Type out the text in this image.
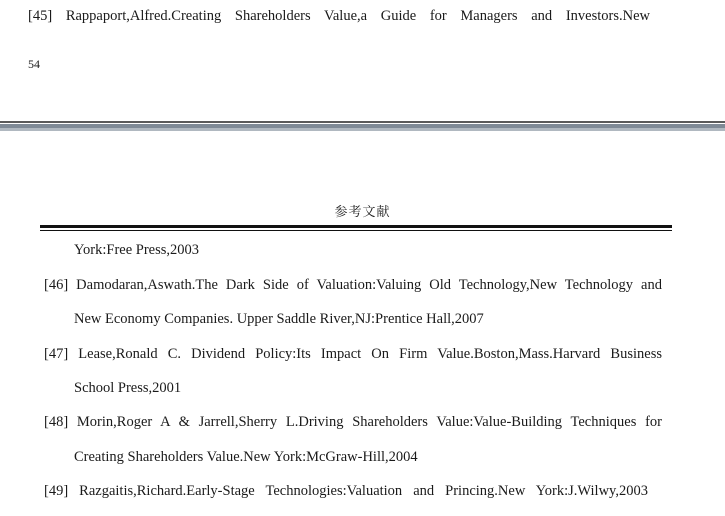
[45] Rappaport,Alfred.Creating Shareholders Value,a Guide for Managers and Investors.New
54
参考文献
York:Free Press,2003
[46] Damodaran,Aswath.The Dark Side of Valuation:Valuing Old Technology,New Technology and
New Economy Companies. Upper Saddle River,NJ:Prentice Hall,2007
[47] Lease,Ronald C. Dividend Policy:Its Impact On Firm Value.Boston,Mass.Harvard Business
School Press,2001
[48] Morin,Roger A & Jarrell,Sherry L.Driving Shareholders Value:Value-Building Techniques for
Creating Shareholders Value.New York:McGraw-Hill,2004
[49] Razgaitis,Richard.Early-Stage Technologies:Valuation and Princing.New York:J.Wilwy,2003
